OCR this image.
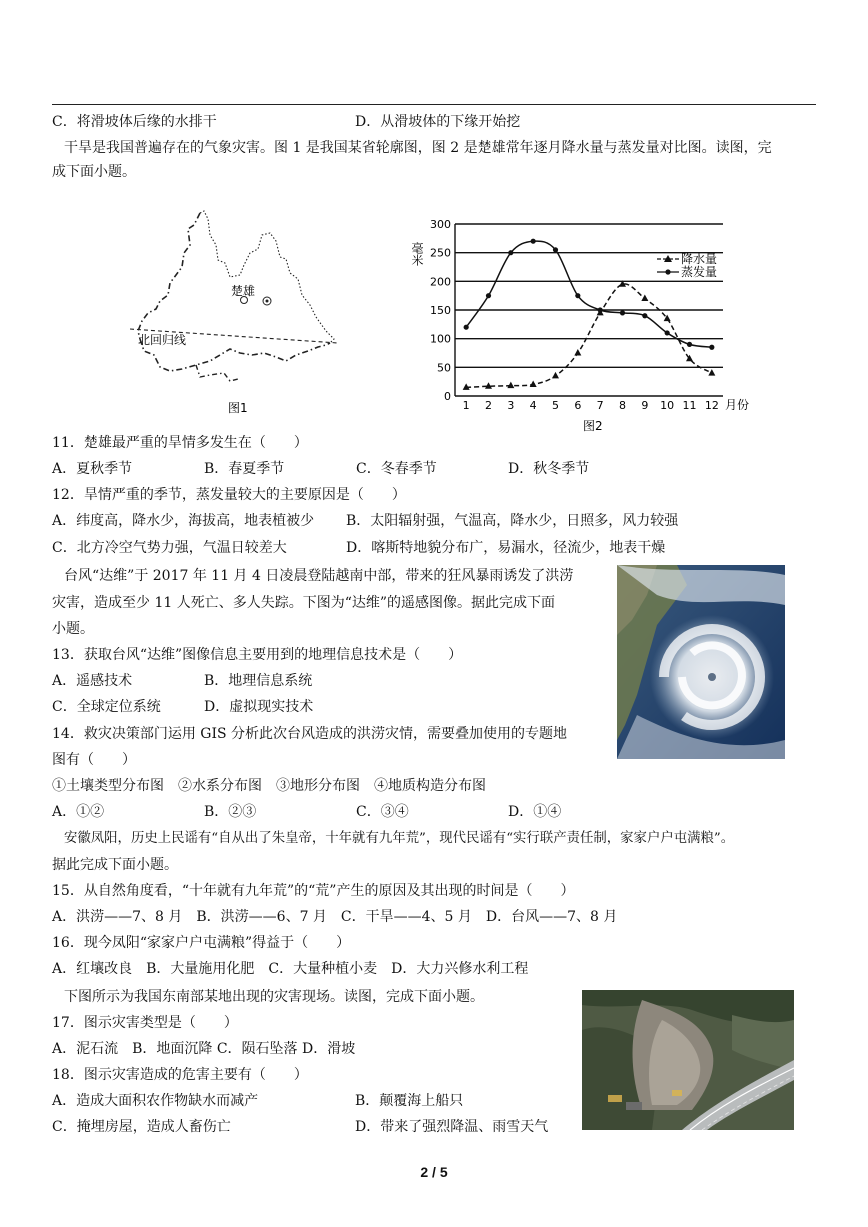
C．将滑坡体后缘的水排干	D．从滑坡体的下缘开始挖
干旱是我国普遍存在的气象灾害。图 1 是我国某省轮廓图，图 2 是楚雄常年逐月降水量与蒸发量对比图。读图，完
成下面小题。
楚雄
北回归线
图1
0
50
100
150
200
250
300
1 2 3 4 5 6 7 8 9 10 11 12
降水量
蒸发量
毫米
月份
图2
11．楚雄最严重的旱情多发生在（　　）
A．夏秋季节	B．春夏季节	C．冬春季节	D．秋冬季节
12．旱情严重的季节，蒸发量较大的主要原因是（　　）
A．纬度高，降水少，海拔高，地表植被少 B．太阳辐射强，气温高，降水少，日照多，风力较强
C．北方冷空气势力强，气温日较差大	D．喀斯特地貌分布广，易漏水，径流少，地表干燥
台风“达维”于 2017 年 11 月 4 日凌晨登陆越南中部，带来的狂风暴雨诱发了洪涝
灾害，造成至少 11 人死亡、多人失踪。下图为“达维”的遥感图像。据此完成下面
小题。
13．获取台风“达维”图像信息主要用到的地理信息技术是（　　）
A．遥感技术	B．地理信息系统
C．全球定位系统	D．虚拟现实技术
14．救灾决策部门运用 GIS 分析此次台风造成的洪涝灾情，需要叠加使用的专题地
图有（　　）
①土壤类型分布图　②水系分布图　③地形分布图　④地质构造分布图
A．①②	B．②③	C．③④	D．①④
安徽凤阳，历史上民谣有“自从出了朱皇帝，十年就有九年荒”，现代民谣有“实行联产责任制，家家户户屯满粮”。
据此完成下面小题。
15．从自然角度看，“十年就有九年荒”的“荒”产生的原因及其出现的时间是（　　）
A．洪涝——7、8 月　B．洪涝——6、7 月　C．干旱——4、5 月　D．台风——7、8 月
16．现今凤阳“家家户户屯满粮”得益于（　　）
A．红壤改良　B．大量施用化肥　C．大量种植小麦　D．大力兴修水利工程
下图所示为我国东南部某地出现的灾害现场。读图，完成下面小题。
17．图示灾害类型是（　　）
A．泥石流　B．地面沉降 C．陨石坠落 D．滑坡
18．图示灾害造成的危害主要有（　　）
A．造成大面积农作物缺水而减产	B．颠覆海上船只
C．掩埋房屋，造成人畜伤亡	D．带来了强烈降温、雨雪天气
2 / 5
